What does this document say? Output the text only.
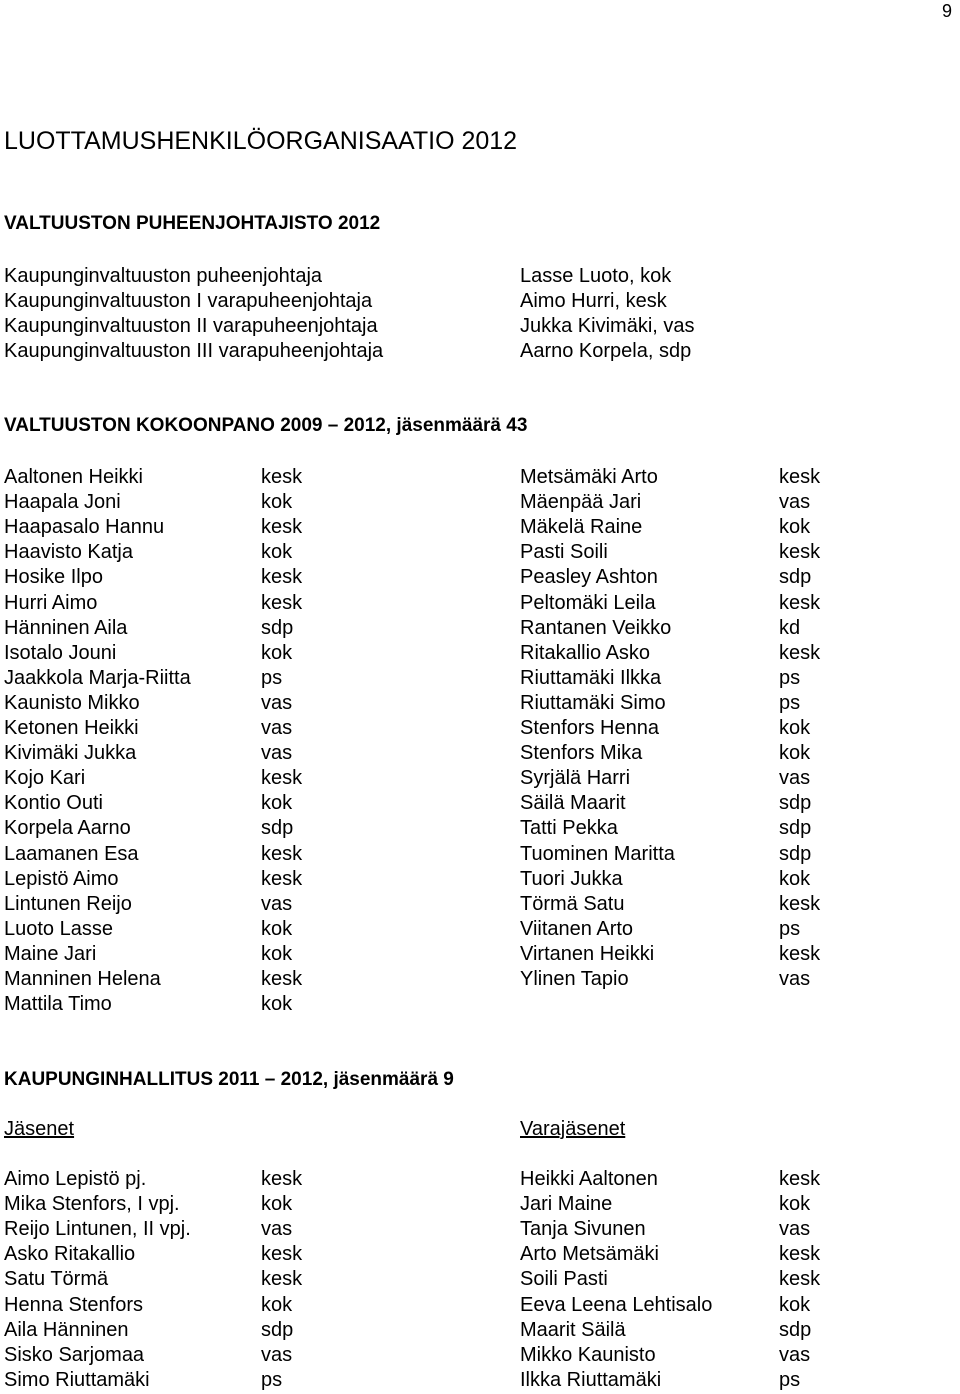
9
LUOTTAMUSHENKILÖORGANISAATIO 2012
VALTUUSTON PUHEENJOHTAJISTO 2012
Kaupunginvaltuuston puheenjohtaja	Lasse Luoto, kok
Kaupunginvaltuuston I varapuheenjohtaja	Aimo Hurri, kesk
Kaupunginvaltuuston II varapuheenjohtaja	Jukka Kivimäki, vas
Kaupunginvaltuuston III varapuheenjohtaja	Aarno Korpela, sdp
VALTUUSTON KOKOONPANO 2009 – 2012, jäsenmäärä 43
Aaltonen Heikki	kesk	Metsämäki Arto	kesk
Haapala Joni	kok	Mäenpää Jari	vas
Haapasalo Hannu	kesk	Mäkelä Raine	kok
Haavisto Katja	kok	Pasti Soili	kesk
Hosike Ilpo	kesk	Peasley Ashton	sdp
Hurri Aimo	kesk	Peltomäki Leila	kesk
Hänninen Aila	sdp	Rantanen Veikko	kd
Isotalo Jouni	kok	Ritakallio Asko	kesk
Jaakkola Marja-Riitta	ps	Riuttamäki Ilkka	ps
Kaunisto Mikko	vas	Riuttamäki Simo	ps
Ketonen Heikki	vas	Stenfors Henna	kok
Kivimäki Jukka	vas	Stenfors Mika	kok
Kojo Kari	kesk	Syrjälä Harri	vas
Kontio Outi	kok	Säilä Maarit	sdp
Korpela Aarno	sdp	Tatti Pekka	sdp
Laamanen Esa	kesk	Tuominen Maritta	sdp
Lepistö Aimo	kesk	Tuori Jukka	kok
Lintunen Reijo	vas	Törmä Satu	kesk
Luoto Lasse	kok	Viitanen Arto	ps
Maine Jari	kok	Virtanen Heikki	kesk
Manninen Helena	kesk	Ylinen Tapio	vas
Mattila Timo	kok
KAUPUNGINHALLITUS 2011 – 2012, jäsenmäärä 9
Jäsenet	Varajäsenet
Aimo Lepistö pj.	kesk	Heikki Aaltonen	kesk
Mika Stenfors, I vpj.	kok	Jari Maine	kok
Reijo Lintunen, II vpj.	vas	Tanja Sivunen	vas
Asko Ritakallio	kesk	Arto Metsämäki	kesk
Satu Törmä	kesk	Soili Pasti	kesk
Henna Stenfors	kok	Eeva Leena Lehtisalo	kok
Aila Hänninen	sdp	Maarit Säilä	sdp
Sisko Sarjomaa	vas	Mikko Kaunisto	vas
Simo Riuttamäki	ps	Ilkka Riuttamäki	ps
